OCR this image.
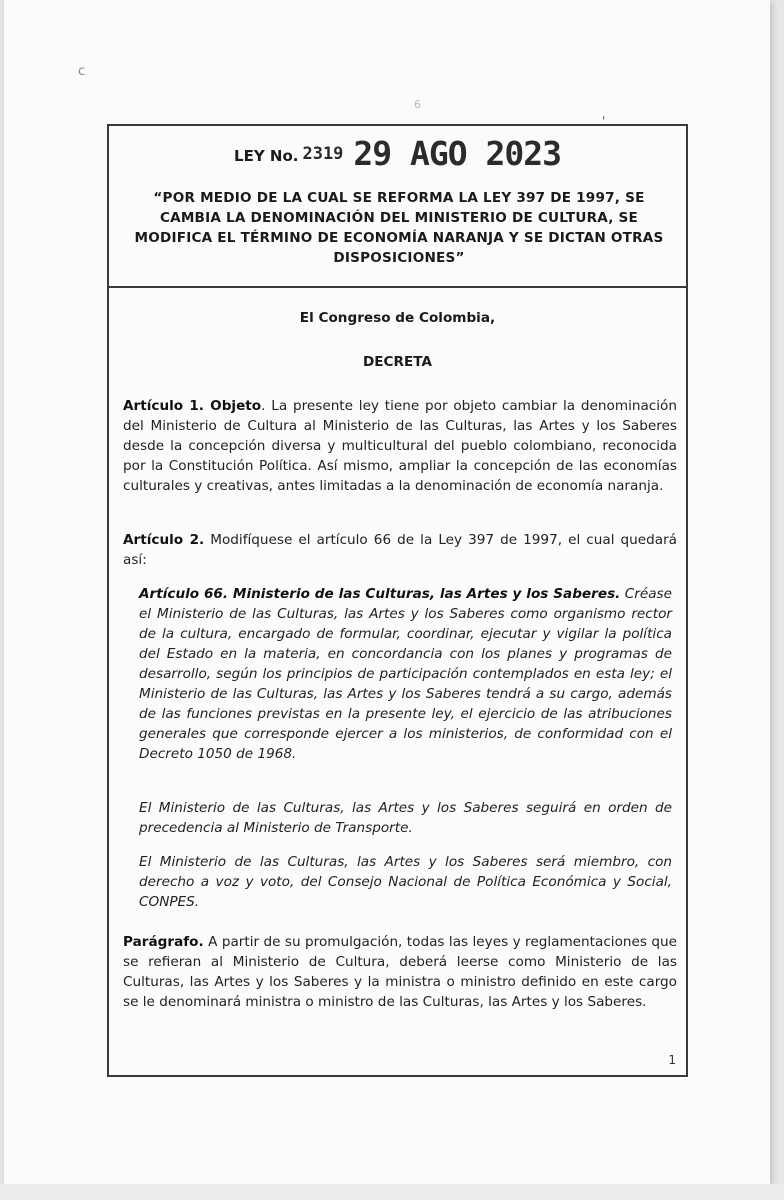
c
6
'
LEY No. 2319 29 AGO 2023
“POR MEDIO DE LA CUAL SE REFORMA LA LEY 397 DE 1997, SE CAMBIA LA DENOMINACIÓN DEL MINISTERIO DE CULTURA, SE MODIFICA EL TÉRMINO DE ECONOMÍA NARANJA Y SE DICTAN OTRAS DISPOSICIONES”
El Congreso de Colombia,
DECRETA

Artículo 1. Objeto. La presente ley tiene por objeto cambiar la denominación del Ministerio de Cultura al Ministerio de las Culturas, las Artes y los Saberes desde la concepción diversa y multicultural del pueblo colombiano, reconocida por la Constitución Política. Así mismo, ampliar la concepción de las economías culturales y creativas, antes limitadas a la denominación de economía naranja.

Artículo 2. Modifíquese el artículo 66 de la Ley 397 de 1997, el cual quedará así:

Artículo 66. Ministerio de las Culturas, las Artes y los Saberes. Créase el Ministerio de las Culturas, las Artes y los Saberes como organismo rector de la cultura, encargado de formular, coordinar, ejecutar y vigilar la política del Estado en la materia, en concordancia con los planes y programas de desarrollo, según los principios de participación contemplados en esta ley; el Ministerio de las Culturas, las Artes y los Saberes tendrá a su cargo, además de las funciones previstas en la presente ley, el ejercicio de las atribuciones generales que corresponde ejercer a los ministerios, de conformidad con el Decreto 1050 de 1968.

El Ministerio de las Culturas, las Artes y los Saberes seguirá en orden de precedencia al Ministerio de Transporte.

El Ministerio de las Culturas, las Artes y los Saberes será miembro, con derecho a voz y voto, del Consejo Nacional de Política Económica y Social, CONPES.

Parágrafo. A partir de su promulgación, todas las leyes y reglamentaciones que se refieran al Ministerio de Cultura, deberá leerse como Ministerio de las Culturas, las Artes y los Saberes y la ministra o ministro definido en este cargo se le denominará ministra o ministro de las Culturas, las Artes y los Saberes.

1
